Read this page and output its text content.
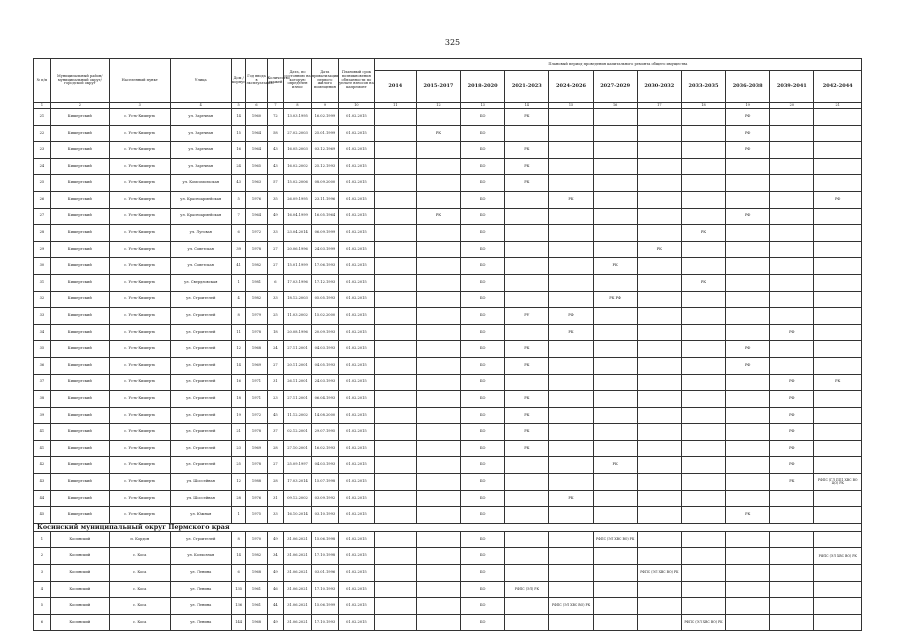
325
№ п/п	Муниципальный район/муниципальный округ/городской округ	Населенный пункт	Улица	Дом / корпус	Год ввода в эксплуатацию	Количество этажей	Дата, по состоянию на которую определен износ	Дата приватизации первого жилого помещения	Плановый срок возникновения обязанности по уплате взносов на капремонт	Плановый период проведения капитального ремонта общего имущества										
										2014	2015-2017	2018-2020	2021-2023	2024-2026	2027-2029	2030-2032	2033-2035	2036-2038	2039-2041	2042-2044
1	2	3	4	5	6	7	8	9	10	11	12	13	14	15	16	17	18	19	20	21
21	Кишертский	с. Усть-Кишерть	ул. Заречная	14	1960	72	13.03.1995	16.02.1999	01.02.2015			БО	РК					РФ		
22	Кишертский	с. Усть-Кишерть	ул. Заречная	15	1964	58	27.02.2003	25.01.1999	01.02.2015		РК	БО						РФ		
23	Кишертский	с. Усть-Кишерть	ул. Заречная	16	1964	43	16.05.2003	03.12.1969	01.02.2015			БО	РК					РФ		
24	Кишертский	с. Усть-Кишерть	ул. Заречная	24	1965	43	16.02.2002	25.12.1993	01.02.2015			БО	РК							
25	Кишертский	с. Усть-Кишерть	ул. Комсомольская	43	1963	57	15.02.2006	08.09.2000	01.02.2015			БО	РК							
26	Кишертский	с. Усть-Кишерть	ул. Красноармейская	5	1976	35	26.09.1995	23.11.1996	01.02.2015			БО		РК						РФ
27	Кишертский	с. Усть-Кишерть	ул. Красноармейская	7	1964	49	16.04.1999	16.05.1964	01.02.2015		РК	БО						РФ		
28	Кишертский	с. Усть-Кишерть	ул. Луговая	6	1972	33	23.04.2014	06.09.1999	01.02.2015			БО					РК			
29	Кишертский	с. Усть-Кишерть	ул. Советская	39	1978	27	20.06.1996	24.03.1999	01.02.2015			БО				РК				
30	Кишертский	с. Усть-Кишерть	ул. Советская	41	1982	27	15.01.1999	17.06.1993	01.02.2015			БО			РК					
31	Кишертский	с. Усть-Кишерть	ул. Свердловская	1	1981	6	17.03.1996	17.12.1993	01.02.2015			БО					РК			
32	Кишертский	с. Усть-Кишерть	ул. Строителей	4	1982	33	18.12.2003	05.05.1993	01.02.2015			БО			РК РФ					
33	Кишертский	с. Усть-Кишерть	ул. Строителей	8	1979	25	11.03.2002	15.02.2000	01.02.2015			БО	РУ	РФ						
34	Кишертский	с. Усть-Кишерть	ул. Строителей	11	1978	18	20.08.1996	20.09.1993	01.02.2015			БО		РК					РФ	
35	Кишертский	с. Усть-Кишерть	ул. Строителей	12	1968	24	27.11.2001	04.03.1993	01.02.2015			БО	РК					РФ		
36	Кишертский	с. Усть-Кишерть	ул. Строителей	14	1969	27	20.11.2001	04.05.1993	01.02.2015			БО	РК					РФ		
37	Кишертский	с. Усть-Кишерть	ул. Строителей	16	1971	31	26.11.2001	24.03.1993	01.02.2015			БО							РФ	РК
38	Кишертский	с. Усть-Кишерть	ул. Строителей	18	1971	23	27.11.2001	06.04.1993	01.02.2015			БО	РК						РФ	
39	Кишертский	с. Усть-Кишерть	ул. Строителей	19	1972	45	11.12.2002	14.08.2000	01.02.2015			БО	РК						РФ	
41	Кишертский	с. Усть-Кишерть	ул. Строителей	21	1978	37	02.12.2001	29.07.1995	01.02.2015			БО	РК						РФ	
41	Кишертский	с. Усть-Кишерть	ул. Строителей	23	1969	28	27.10.2001	16.02.1993	01.02.2015			БО	РК						РФ	
42	Кишертский	с. Усть-Кишерть	ул. Строителей	25	1978	27	25.09.1997	04.03.1993	01.02.2015			БО			РК				РФ	
43	Кишертский	с. Усть-Кишерть	ул. Шоссейная	12	1988	28	17.03.2014	15.07.1998	01.02.2015			БО							РК	РФПС (ГЛ ПП1 ХВС ВО ЦО) РК
44	Кишертский	с. Усть-Кишерть	ул. Шоссейная	28	1976	31	09.12.2002	03.09.1992	01.02.2015			БО		РК						
45	Кишертский	с. Усть-Кишерть	ул. Южная	1	1975	33	16.10.2014	03.10.1993	01.02.2015			БО						РК		
Косинский муниципальный округ Пермского края																				
1	Косинский	п. Кордон	ул. Строителей	8	1970	49	31.06.2021	15.06.1998	01.02.2015			БО			РФПС (ЭЛ ХВС ВО) РК					
2	Косинский	с. Коса	ул. Колхозная	14	1982	34	31.06.2021	17.10.1998	01.02.2015			БО								РФПС (ЭЛ ХВС ВО) РК
3	Косинский	с. Коса	ул. Ленина	6	1968	49	31.06.2021	03.01.1996	01.02.2015			БО				РФПС (ЭЛ ХВС ВО) РК				
4	Косинский	с. Коса	ул. Ленина	135	1961	46	31.06.2021	17.10.1993	01.02.2015			БО	РФПС (ЭЛ) РК							
5	Косинский	с. Коса	ул. Ленина	136	1961	44	31.06.2021	15.06.1999	01.02.2015			БО		РФПС (ЭЛ ХВС ВО) РК						
6	Косинский	с. Коса	ул. Ленина	144	1968	49	31.06.2021	17.10.1993	01.02.2015			БО					РФПС (ЭЛ ХВС ВО) РК			
